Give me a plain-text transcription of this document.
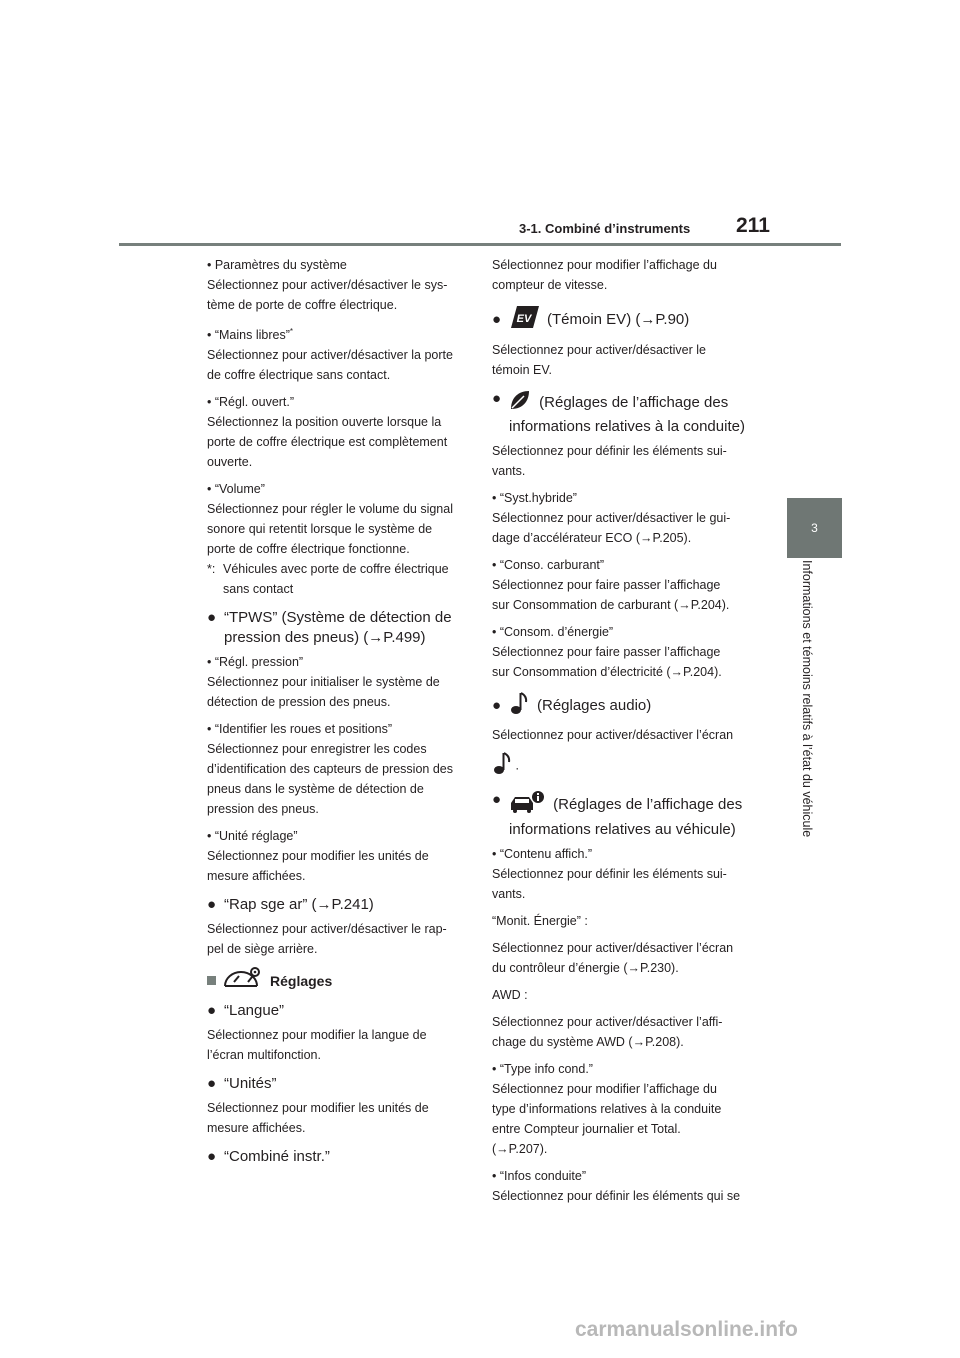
3-1. Combiné d’instruments 211
3
Informations et témoins relatifs à l’état du véhicule

• Paramètres du système

Sélectionnez pour activer/désactiver le sys-

tème de porte de coffre électrique.

• “Mains libres”*

Sélectionnez pour activer/désactiver la porte

de coffre électrique sans contact.

• “Régl. ouvert.”

Sélectionnez la position ouverte lorsque la

porte de coffre électrique est complètement

ouverte.

• “Volume”

Sélectionnez pour régler le volume du signal

sonore qui retentit lorsque le système de

porte de coffre électrique fonctionne.

*: Véhicules avec porte de coffre électrique
sans contact
● “TPWS” (Système de détection de
pression des pneus) (→P.499)

• “Régl. pression”

Sélectionnez pour initialiser le système de

détection de pression des pneus.

• “Identifier les roues et positions”

Sélectionnez pour enregistrer les codes

d’identification des capteurs de pression des

pneus dans le système de détection de

pression des pneus.

• “Unité réglage”

Sélectionnez pour modifier les unités de

mesure affichées.

● “Rap sge ar” (→P.241)

Sélectionnez pour activer/désactiver le rap-

pel de siège arrière.

Réglages
● “Langue”

Sélectionnez pour modifier la langue de

l’écran multifonction.

● “Unités”

Sélectionnez pour modifier les unités de

mesure affichées.

● “Combiné instr.”

Sélectionnez pour modifier l’affichage du

compteur de vitesse.

●	EV (Témoin EV) (→P.90)

Sélectionnez pour activer/désactiver le

témoin EV.

●	(Réglages de l’affichage des
informations relatives à la conduite)

Sélectionnez pour définir les éléments sui-

vants.

• “Syst.hybride”

Sélectionnez pour activer/désactiver le gui-

dage d’accélérateur ECO (→P.205).

• “Conso. carburant”

Sélectionnez pour faire passer l’affichage

sur Consommation de carburant (→P.204).

• “Consom. d’énergie”

Sélectionnez pour faire passer l’affichage

sur Consommation d’électricité (→P.204).

●	(Réglages audio)

Sélectionnez pour activer/désactiver l’écran

.

●	(Réglages de l’affichage des
informations relatives au véhicule)

• “Contenu affich.”

Sélectionnez pour définir les éléments sui-

vants.

“Monit. Énergie” :

Sélectionnez pour activer/désactiver l’écran

du contrôleur d’énergie (→P.230).

AWD :

Sélectionnez pour activer/désactiver l’affi-

chage du système AWD (→P.208).

• “Type info cond.”

Sélectionnez pour modifier l’affichage du

type d’informations relatives à la conduite

entre Compteur journalier et Total.

(→P.207).

• “Infos conduite”

Sélectionnez pour définir les éléments qui se

carmanualsonline.info
